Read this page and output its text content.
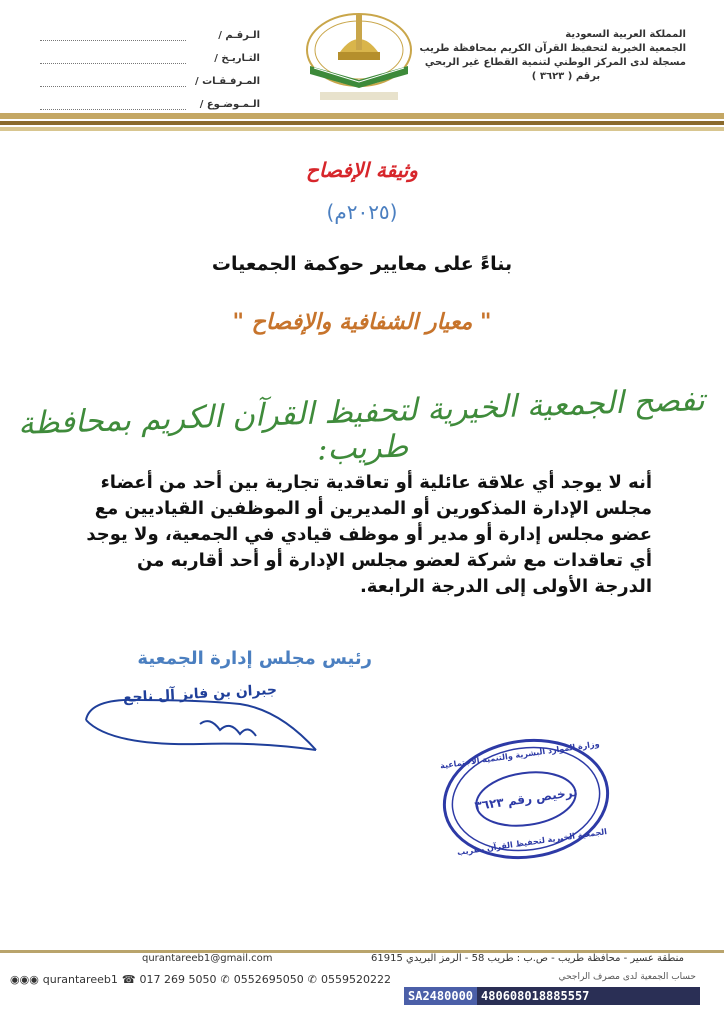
المملكة العربية السعودية
الجمعية الخيرية لتحفيظ القرآن الكريم بمحافظة طريب
مسجلة لدى المركز الوطني لتنمية القطاع غير الربحي
برقم ( ٣٦٢٣ )
الـرقـم /
التـاريـخ /
المـرفـقـات /
الـمـوضـوع /
وثيقة الإفصاح
(٢٠٢٥م)
بناءً على معايير حوكمة الجمعيات
" معيار الشفافية والإفصاح "
تفصح الجمعية الخيرية لتحفيظ القرآن الكريم بمحافظة طريب:
أنه لا يوجد أي علاقة عائلية أو تعاقدية تجارية بين أحد من أعضاء مجلس الإدارة المذكورين أو المديرين أو الموظفين القياديين مع عضو مجلس إدارة أو مدير أو موظف قيادي في الجمعية، ولا يوجد أي تعاقدات مع شركة لعضو مجلس الإدارة أو أحد أقاربه من الدرجة الأولى إلى الدرجة الرابعة.
رئيس مجلس إدارة الجمعية
جبران بن فايز آل ناجع
وزارة الموارد البشرية والتنمية الاجتماعية
ترخيص رقم ٣٦٢٣
الجمعية الخيرية لتحفيظ القرآن بطريب
منطقة عسير - محافظة طريب - ص.ب : طريب 58 - الرمز البريدي 61915
qurantareeb1@gmail.com
◉◉◉ qurantareeb1 ☎ 017 269 5050 ✆ 0552695050 ✆ 0559520222	حساب الجمعية لدى مصرف الراجحي
SA2480000 480608018885557
